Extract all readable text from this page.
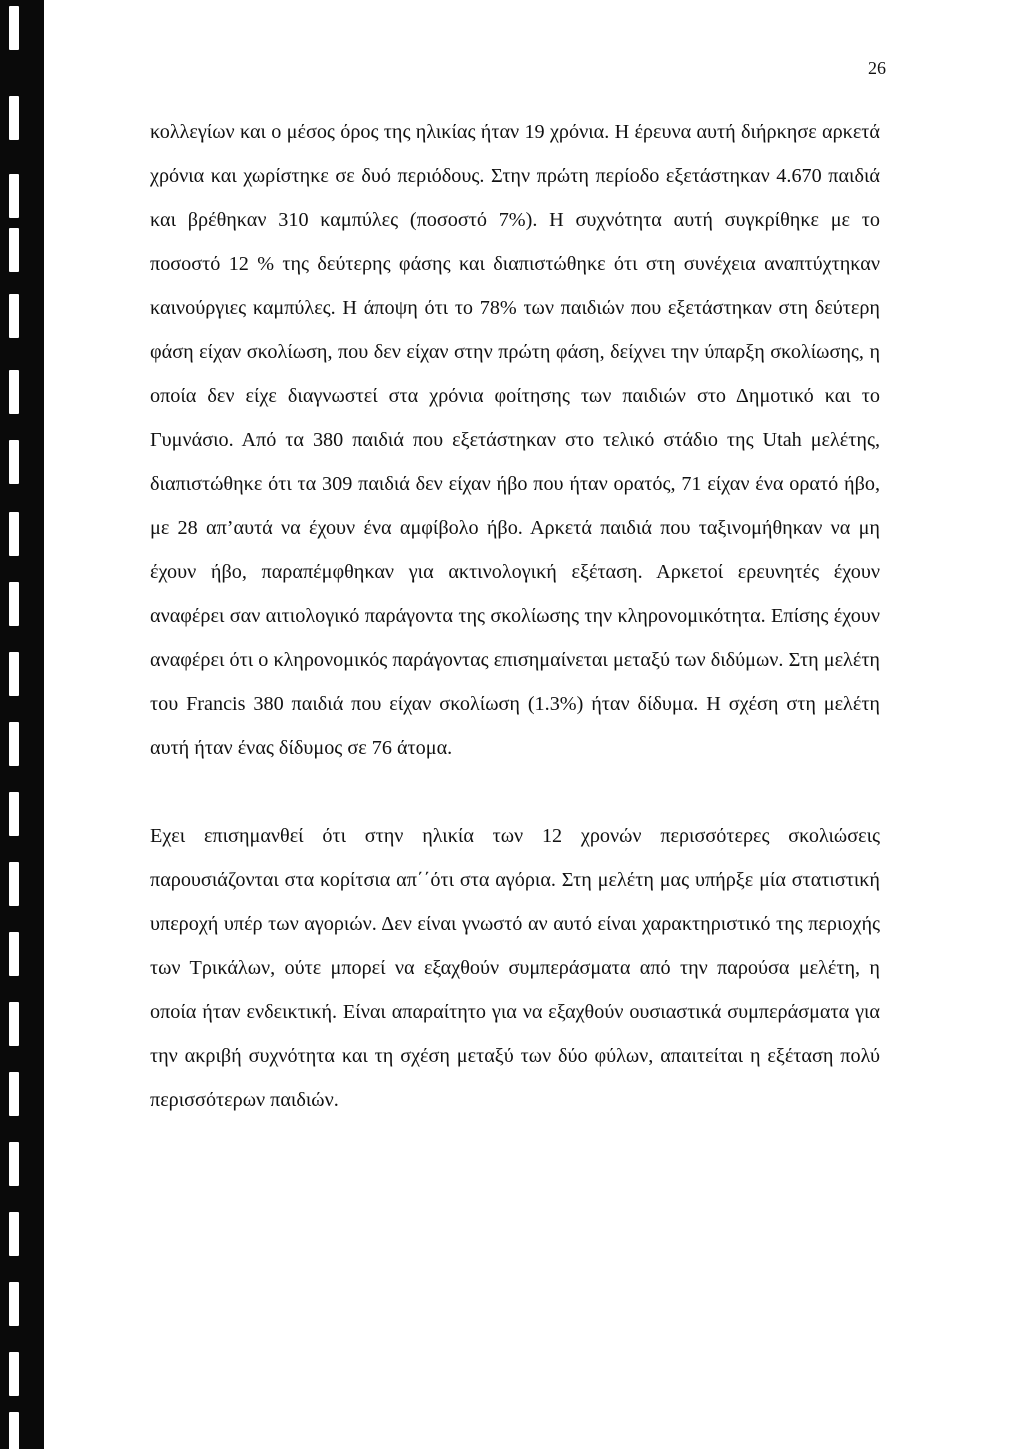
26

κολλεγίων και ο μέσος όρος της ηλικίας ήταν 19 χρόνια. Η έρευνα αυτή διήρκησε αρκετά χρόνια και χωρίστηκε σε δυό περιόδους. Στην πρώτη περίοδο εξετάστηκαν 4.670 παιδιά και βρέθηκαν 310 καμπύλες (ποσοστό 7%). Η συχνότητα αυτή συγκρίθηκε με το ποσοστό 12 % της δεύτερης φάσης και διαπιστώθηκε ότι στη συνέχεια αναπτύχτηκαν καινούργιες καμπύλες. Η άποψη ότι το 78% των παιδιών που εξετάστηκαν στη δεύτερη φάση είχαν σκολίωση, που δεν είχαν στην πρώτη φάση, δείχνει την ύπαρξη σκολίωσης, η οποία δεν είχε διαγνωστεί στα χρόνια φοίτησης των παιδιών στο Δημοτικό και το Γυμνάσιο. Από τα 380 παιδιά που εξετάστηκαν στο τελικό στάδιο της Utah μελέτης, διαπιστώθηκε ότι τα 309 παιδιά δεν είχαν ήβο που ήταν ορατός, 71 είχαν ένα ορατό ήβο, με 28 απ’αυτά να έχουν ένα αμφίβολο ήβο. Αρκετά παιδιά που ταξινομήθηκαν να μη έχουν ήβο, παραπέμφθηκαν για ακτινολογική εξέταση. Αρκετοί ερευνητές έχουν αναφέρει σαν αιτιολογικό παράγοντα της σκολίωσης την κληρονομικότητα. Επίσης έχουν αναφέρει ότι ο κληρονομικός παράγοντας επισημαίνεται μεταξύ των διδύμων. Στη μελέτη του Francis 380 παιδιά που είχαν σκολίωση (1.3%) ήταν δίδυμα. Η σχέση στη μελέτη αυτή ήταν ένας δίδυμος σε 76 άτομα.

Εχει επισημανθεί ότι στην ηλικία των 12 χρονών περισσότερες σκολιώσεις παρουσιάζονται στα κορίτσια απ΄΄ότι στα αγόρια. Στη μελέτη μας υπήρξε μία στατιστική υπεροχή υπέρ των αγοριών. Δεν είναι γνωστό αν αυτό είναι χαρακτηριστικό της περιοχής των Τρικάλων, ούτε μπορεί να εξαχθούν συμπεράσματα από την παρούσα μελέτη, η οποία ήταν ενδεικτική. Είναι απαραίτητο για να εξαχθούν ουσιαστικά συμπεράσματα για την ακριβή συχνότητα και τη σχέση μεταξύ των δύο φύλων, απαιτείται η εξέταση πολύ περισσότερων παιδιών.
